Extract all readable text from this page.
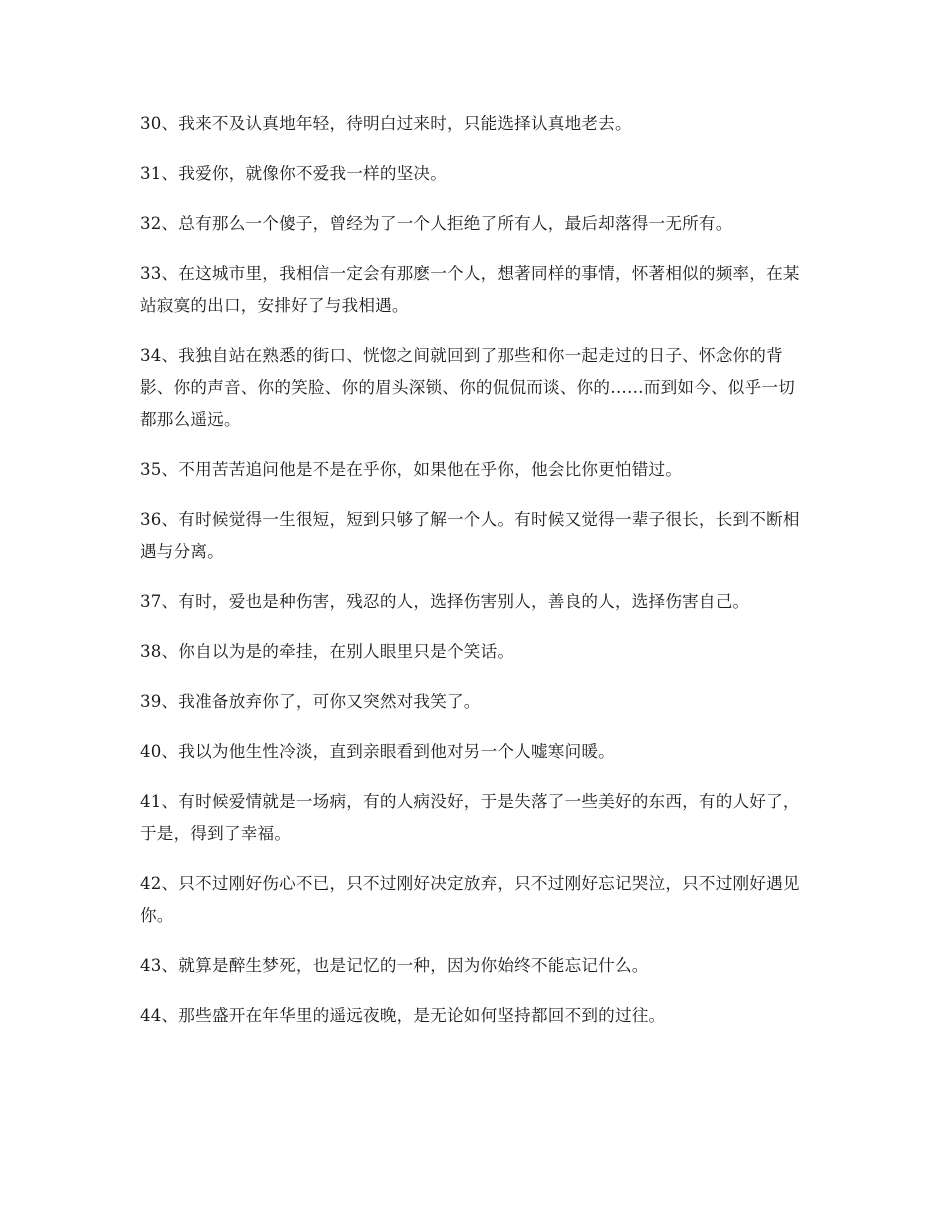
30、我来不及认真地年轻，待明白过来时，只能选择认真地老去。

31、我爱你，就像你不爱我一样的坚决。

32、总有那么一个傻子，曾经为了一个人拒绝了所有人，最后却落得一无所有。

33、在这城市里，我相信一定会有那麽一个人，想著同样的事情，怀著相似的频率，在某站寂寞的出口，安排好了与我相遇。

34、我独自站在熟悉的街口、恍惚之间就回到了那些和你一起走过的日子、怀念你的背影、你的声音、你的笑脸、你的眉头深锁、你的侃侃而谈、你的……而到如今、似乎一切都那么遥远。

35、不用苦苦追问他是不是在乎你，如果他在乎你，他会比你更怕错过。

36、有时候觉得一生很短，短到只够了解一个人。有时候又觉得一辈子很长，长到不断相遇与分离。

37、有时，爱也是种伤害，残忍的人，选择伤害别人，善良的人，选择伤害自己。

38、你自以为是的牵挂，在别人眼里只是个笑话。

39、我准备放弃你了，可你又突然对我笑了。

40、我以为他生性冷淡，直到亲眼看到他对另一个人嘘寒问暖。

41、有时候爱情就是一场病，有的人病没好，于是失落了一些美好的东西，有的人好了，于是，得到了幸福。

42、只不过刚好伤心不已，只不过刚好决定放弃，只不过刚好忘记哭泣，只不过刚好遇见你。

43、就算是醉生梦死，也是记忆的一种，因为你始终不能忘记什么。

44、那些盛开在年华里的遥远夜晚，是无论如何坚持都回不到的过往。
